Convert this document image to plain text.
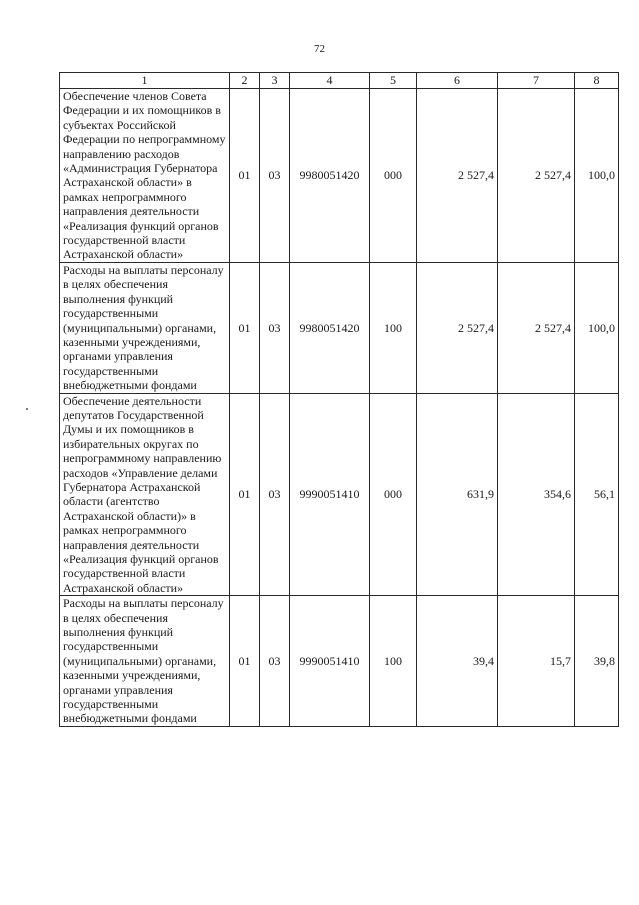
72
1	2	3	4	5	6	7	8
Обеспечение членов Совета Федерации и их помощников в субъектах Российской Федерации по непрограммному направлению расходов «Администрация Губернатора Астраханской области» в рамках непрограммного направления деятельности «Реализация функций органов государственной власти Астраханской области»	01	03	9980051420	000	2 527,4	2 527,4	100,0
Расходы на выплаты персоналу в целях обеспечения выполнения функций государственными (муниципальными) органами, казенными учреждениями, органами управления государственными внебюджетными фондами	01	03	9980051420	100	2 527,4	2 527,4	100,0
Обеспечение деятельности депутатов Государственной Думы и их помощников в избирательных округах по непрограммному направлению расходов «Управление делами Губернатора Астраханской области (агентство Астраханской области)» в рамках непрограммного направления деятельности «Реализация функций органов государственной власти Астраханской области»	01	03	9990051410	000	631,9	354,6	56,1
Расходы на выплаты персоналу в целях обеспечения выполнения функций государственными (муниципальными) органами, казенными учреждениями, органами управления государственными внебюджетными фондами	01	03	9990051410	100	39,4	15,7	39,8
